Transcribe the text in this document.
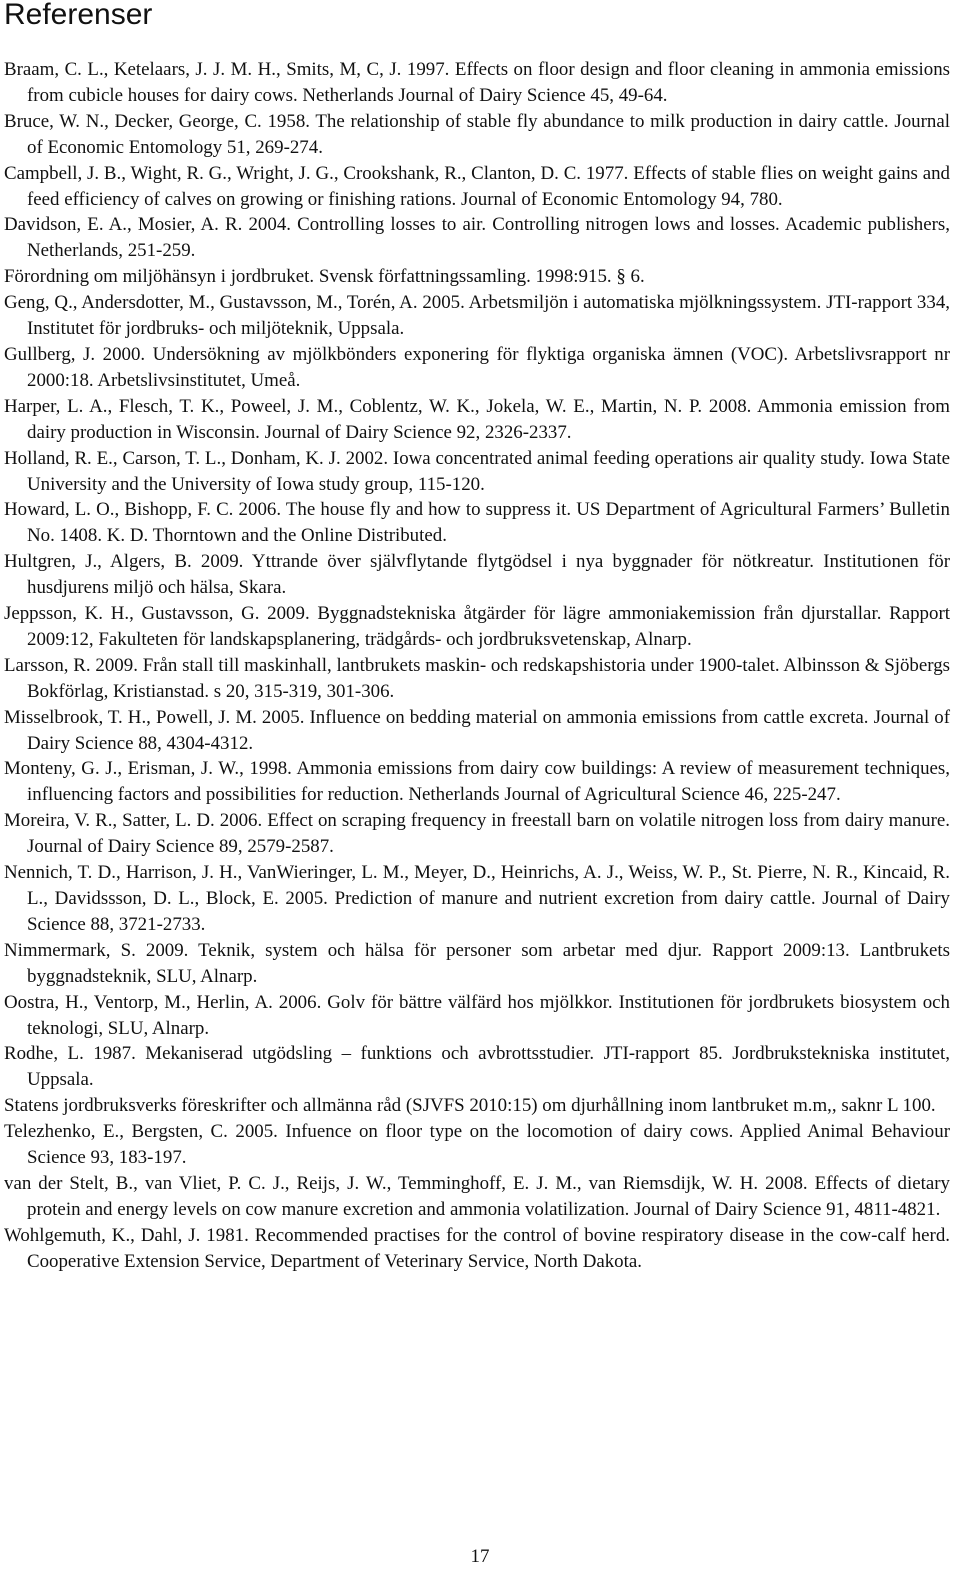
Referenser
Braam, C. L., Ketelaars, J. J. M. H., Smits, M, C, J. 1997. Effects on floor design and floor cleaning in ammonia emissions from cubicle houses for dairy cows. Netherlands Journal of Dairy Science 45, 49-64.
Bruce, W. N., Decker, George, C. 1958. The relationship of stable fly abundance to milk production in dairy cattle. Journal of Economic Entomology 51, 269-274.
Campbell, J. B., Wight, R. G., Wright, J. G., Crookshank, R., Clanton, D. C. 1977. Effects of stable flies on weight gains and feed efficiency of calves on growing or finishing rations. Journal of Economic Entomology 94, 780.
Davidson, E. A., Mosier, A. R. 2004. Controlling losses to air. Controlling nitrogen lows and losses. Academic publishers, Netherlands, 251-259.
Förordning om miljöhänsyn i jordbruket. Svensk författningssamling. 1998:915. § 6.
Geng, Q., Andersdotter, M., Gustavsson, M., Torén, A. 2005. Arbetsmiljön i automatiska mjölkningssystem. JTI-rapport 334, Institutet för jordbruks- och miljöteknik, Uppsala.
Gullberg, J. 2000. Undersökning av mjölkbönders exponering för flyktiga organiska ämnen (VOC). Arbetslivsrapport nr 2000:18. Arbetslivsinstitutet, Umeå.
Harper, L. A., Flesch, T. K., Poweel, J. M., Coblentz, W. K., Jokela, W. E., Martin, N. P. 2008. Ammonia emission from dairy production in Wisconsin. Journal of Dairy Science 92, 2326-2337.
Holland, R. E., Carson, T. L., Donham, K. J. 2002. Iowa concentrated animal feeding operations air quality study. Iowa State University and the University of Iowa study group, 115-120.
Howard, L. O., Bishopp, F. C. 2006. The house fly and how to suppress it. US Department of Agricultural Farmers’ Bulletin No. 1408. K. D. Thorntown and the Online Distributed.
Hultgren, J., Algers, B. 2009. Yttrande över självflytande flytgödsel i nya byggnader för nötkreatur. Institutionen för husdjurens miljö och hälsa, Skara.
Jeppsson, K. H., Gustavsson, G. 2009. Byggnadstekniska åtgärder för lägre ammoniakemission från djurstallar. Rapport 2009:12, Fakulteten för landskapsplanering, trädgårds- och jordbruksvetenskap, Alnarp.
Larsson, R. 2009. Från stall till maskinhall, lantbrukets maskin- och redskapshistoria under 1900-talet. Albinsson & Sjöbergs Bokförlag, Kristianstad. s 20, 315-319, 301-306.
Misselbrook, T. H., Powell, J. M. 2005. Influence on bedding material on ammonia emissions from cattle excreta. Journal of Dairy Science 88, 4304-4312.
Monteny, G. J., Erisman, J. W., 1998. Ammonia emissions from dairy cow buildings: A review of measurement techniques, influencing factors and possibilities for reduction. Netherlands Journal of Agricultural Science 46, 225-247.
Moreira, V. R., Satter, L. D. 2006. Effect on scraping frequency in freestall barn on volatile nitrogen loss from dairy manure. Journal of Dairy Science 89, 2579-2587.
Nennich, T. D., Harrison, J. H., VanWieringer, L. M., Meyer, D., Heinrichs, A. J., Weiss, W. P., St. Pierre, N. R., Kincaid, R. L., Davidssson, D. L., Block, E. 2005. Prediction of manure and nutrient excretion from dairy cattle. Journal of Dairy Science 88, 3721-2733.
Nimmermark, S. 2009. Teknik, system och hälsa för personer som arbetar med djur. Rapport 2009:13. Lantbrukets byggnadsteknik, SLU, Alnarp.
Oostra, H., Ventorp, M., Herlin, A. 2006. Golv för bättre välfärd hos mjölkkor. Institutionen för jordbrukets biosystem och teknologi, SLU, Alnarp.
Rodhe, L. 1987. Mekaniserad utgödsling – funktions och avbrottsstudier. JTI-rapport 85. Jordbrukstekniska institutet, Uppsala.
Statens jordbruksverks föreskrifter och allmänna råd (SJVFS 2010:15) om djurhållning inom lantbruket m.m,, saknr L 100.
Telezhenko, E., Bergsten, C. 2005. Infuence on floor type on the locomotion of dairy cows. Applied Animal Behaviour Science 93, 183-197.
van der Stelt, B., van Vliet, P. C. J., Reijs, J. W., Temminghoff, E. J. M., van Riemsdijk, W. H. 2008. Effects of dietary protein and energy levels on cow manure excretion and ammonia volatilization. Journal of Dairy Science 91, 4811-4821.
Wohlgemuth, K., Dahl, J. 1981. Recommended practises for the control of bovine respiratory disease in the cow-calf herd. Cooperative Extension Service, Department of Veterinary Service, North Dakota.
17
